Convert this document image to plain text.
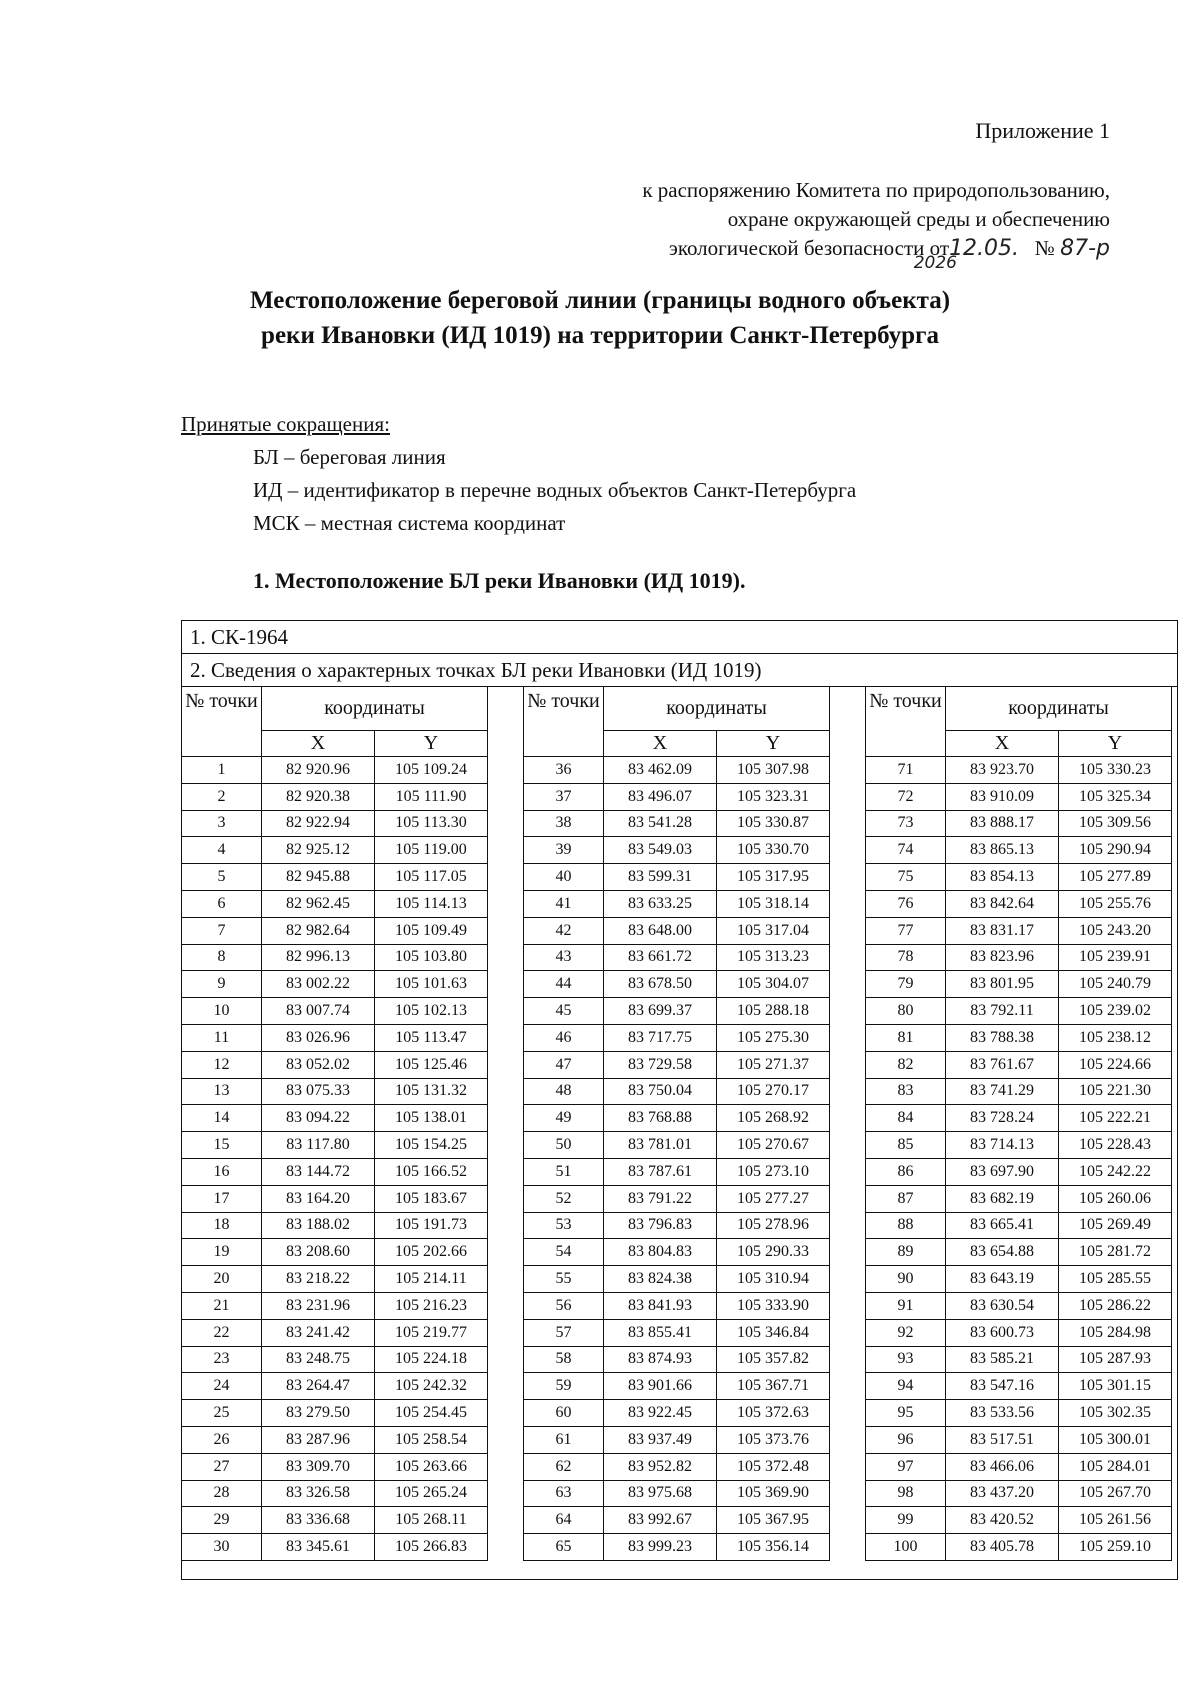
Приложение 1
к распоряжению Комитета по природопользованию,
охране окружающей среды и обеспечению
экологической безопасности от12.05. № 87-р
2026
Местоположение береговой линии (границы водного объекта)
реки Ивановки (ИД 1019) на территории Санкт-Петербурга
Принятые сокращения:
БЛ – береговая линия
ИД – идентификатор в перечне водных объектов Санкт-Петербурга
МСК – местная система координат
1. Местоположение БЛ реки Ивановки (ИД 1019).
1. СК-1964
2. Сведения о характерных точках БЛ реки Ивановки (ИД 1019)
№ точки	координаты	
	X	Y
1	82 920.96	105 109.24
2	82 920.38	105 111.90
3	82 922.94	105 113.30
4	82 925.12	105 119.00
5	82 945.88	105 117.05
6	82 962.45	105 114.13
7	82 982.64	105 109.49
8	82 996.13	105 103.80
9	83 002.22	105 101.63
10	83 007.74	105 102.13
11	83 026.96	105 113.47
12	83 052.02	105 125.46
13	83 075.33	105 131.32
14	83 094.22	105 138.01
15	83 117.80	105 154.25
16	83 144.72	105 166.52
17	83 164.20	105 183.67
18	83 188.02	105 191.73
19	83 208.60	105 202.66
20	83 218.22	105 214.11
21	83 231.96	105 216.23
22	83 241.42	105 219.77
23	83 248.75	105 224.18
24	83 264.47	105 242.32
25	83 279.50	105 254.45
26	83 287.96	105 258.54
27	83 309.70	105 263.66
28	83 326.58	105 265.24
29	83 336.68	105 268.11
30	83 345.61	105 266.83
№ точки	координаты	
	X	Y
36	83 462.09	105 307.98
37	83 496.07	105 323.31
38	83 541.28	105 330.87
39	83 549.03	105 330.70
40	83 599.31	105 317.95
41	83 633.25	105 318.14
42	83 648.00	105 317.04
43	83 661.72	105 313.23
44	83 678.50	105 304.07
45	83 699.37	105 288.18
46	83 717.75	105 275.30
47	83 729.58	105 271.37
48	83 750.04	105 270.17
49	83 768.88	105 268.92
50	83 781.01	105 270.67
51	83 787.61	105 273.10
52	83 791.22	105 277.27
53	83 796.83	105 278.96
54	83 804.83	105 290.33
55	83 824.38	105 310.94
56	83 841.93	105 333.90
57	83 855.41	105 346.84
58	83 874.93	105 357.82
59	83 901.66	105 367.71
60	83 922.45	105 372.63
61	83 937.49	105 373.76
62	83 952.82	105 372.48
63	83 975.68	105 369.90
64	83 992.67	105 367.95
65	83 999.23	105 356.14
№ точки	координаты	
	X	Y
71	83 923.70	105 330.23
72	83 910.09	105 325.34
73	83 888.17	105 309.56
74	83 865.13	105 290.94
75	83 854.13	105 277.89
76	83 842.64	105 255.76
77	83 831.17	105 243.20
78	83 823.96	105 239.91
79	83 801.95	105 240.79
80	83 792.11	105 239.02
81	83 788.38	105 238.12
82	83 761.67	105 224.66
83	83 741.29	105 221.30
84	83 728.24	105 222.21
85	83 714.13	105 228.43
86	83 697.90	105 242.22
87	83 682.19	105 260.06
88	83 665.41	105 269.49
89	83 654.88	105 281.72
90	83 643.19	105 285.55
91	83 630.54	105 286.22
92	83 600.73	105 284.98
93	83 585.21	105 287.93
94	83 547.16	105 301.15
95	83 533.56	105 302.35
96	83 517.51	105 300.01
97	83 466.06	105 284.01
98	83 437.20	105 267.70
99	83 420.52	105 261.56
100	83 405.78	105 259.10
